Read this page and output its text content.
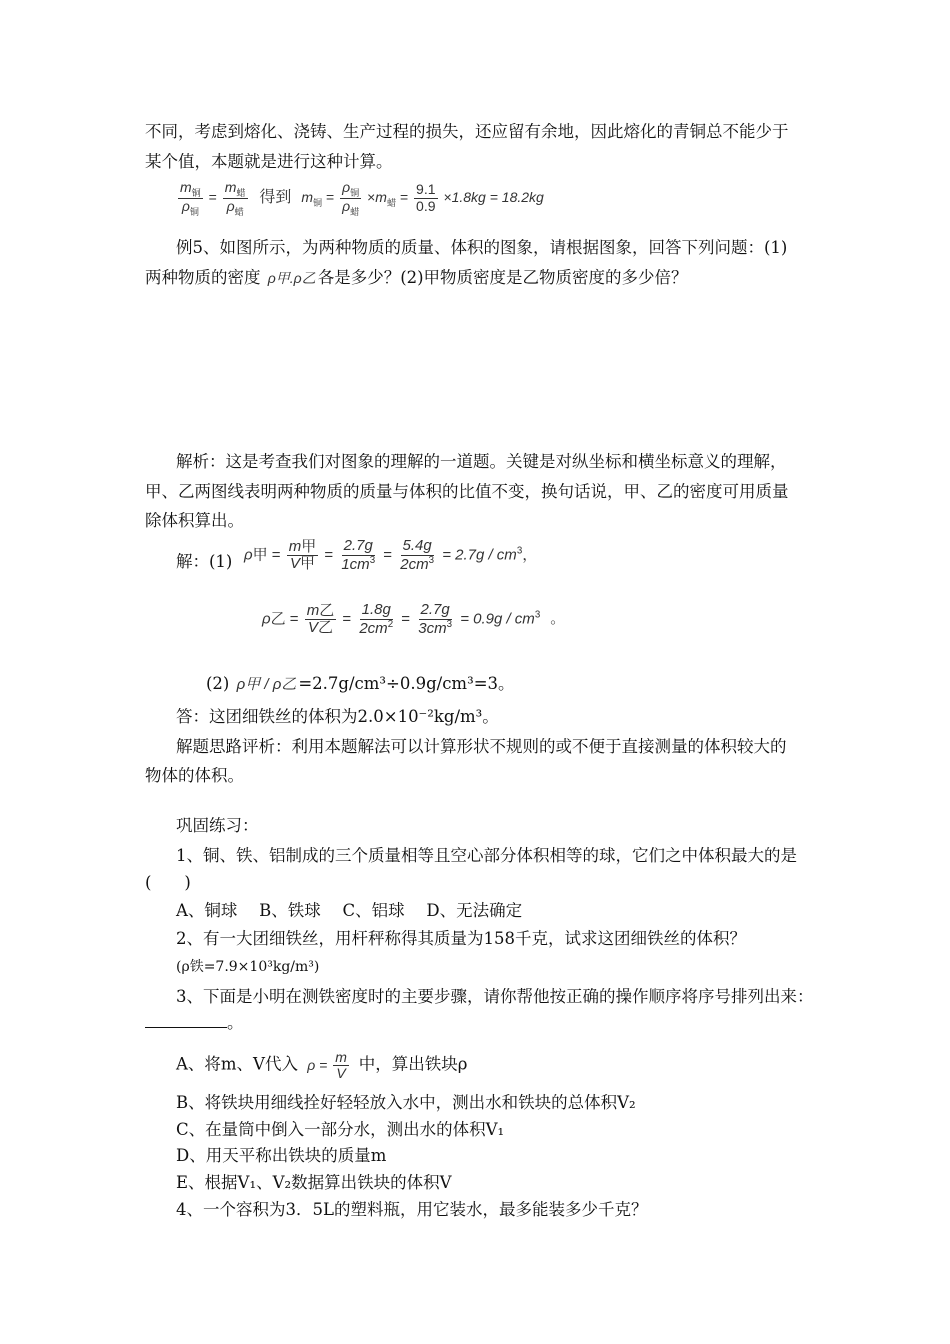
不同，考虑到熔化、浇铸、生产过程的损失，还应留有余地，因此熔化的青铜总不能少于
某个值，本题就是进行这种计算。
$\frac{m_铜}{\rho_铜} = \frac{m_蜡}{\rho_蜡}$ 得到 $m_铜 = \frac{\rho_铜}{\rho_蜡} \times m_蜡 = \frac{9.1}{0.9} \times 1.8kg = 18.2kg$
例5、如图所示，为两种物质的质量、体积的图象，请根据图象，回答下列问题：(1)
两种物质的密度 ρ甲.ρ乙 各是多少？(2)甲物质密度是乙物质密度的多少倍？
解析：这是考查我们对图象的理解的一道题。关键是对纵坐标和横坐标意义的理解，
甲、乙两图线表明两种物质的质量与体积的比值不变，换句话说，甲、乙的密度可用质量
除体积算出。
解：(1) ρ甲 = $\frac{\text{m甲}}{\text{V甲}} = \frac{2.7g}{1cm^3} = \frac{5.4g}{2cm^3} = 2.7g / cm^3$，
ρ乙 = $\frac{\text{m乙}}{\text{V乙}} = \frac{1.8g}{2cm^2} = \frac{2.7g}{3cm^3} = 0.9g / cm^3$ 。
(2) ρ甲 / ρ乙 =2.7g/cm³÷0.9g/cm³=3。
答：这团细铁丝的体积为2.0×10⁻²kg/m³。
解题思路评析：利用本题解法可以计算形状不规则的或不便于直接测量的体积较大的
物体的体积。
巩固练习：
1、铜、铁、铝制成的三个质量相等且空心部分体积相等的球，它们之中体积最大的是
(　　)
A、铜球　 B、铁球　 C、铝球　 D、无法确定
2、有一大团细铁丝，用杆秤称得其质量为158千克，试求这团细铁丝的体积？
(ρ铁=7.9×10³kg/m³)
3、下面是小明在测铁密度时的主要步骤，请你帮他按正确的操作顺序将序号排列出来：
。
A、将m、V代入 $\rho = \frac{m}{V}$ 中，算出铁块ρ
B、将铁块用细线拴好轻轻放入水中，测出水和铁块的总体积V₂
C、在量筒中倒入一部分水，测出水的体积V₁
D、用天平称出铁块的质量m
E、根据V₁、V₂数据算出铁块的体积V
4、一个容积为3．5L的塑料瓶，用它装水，最多能装多少千克？
